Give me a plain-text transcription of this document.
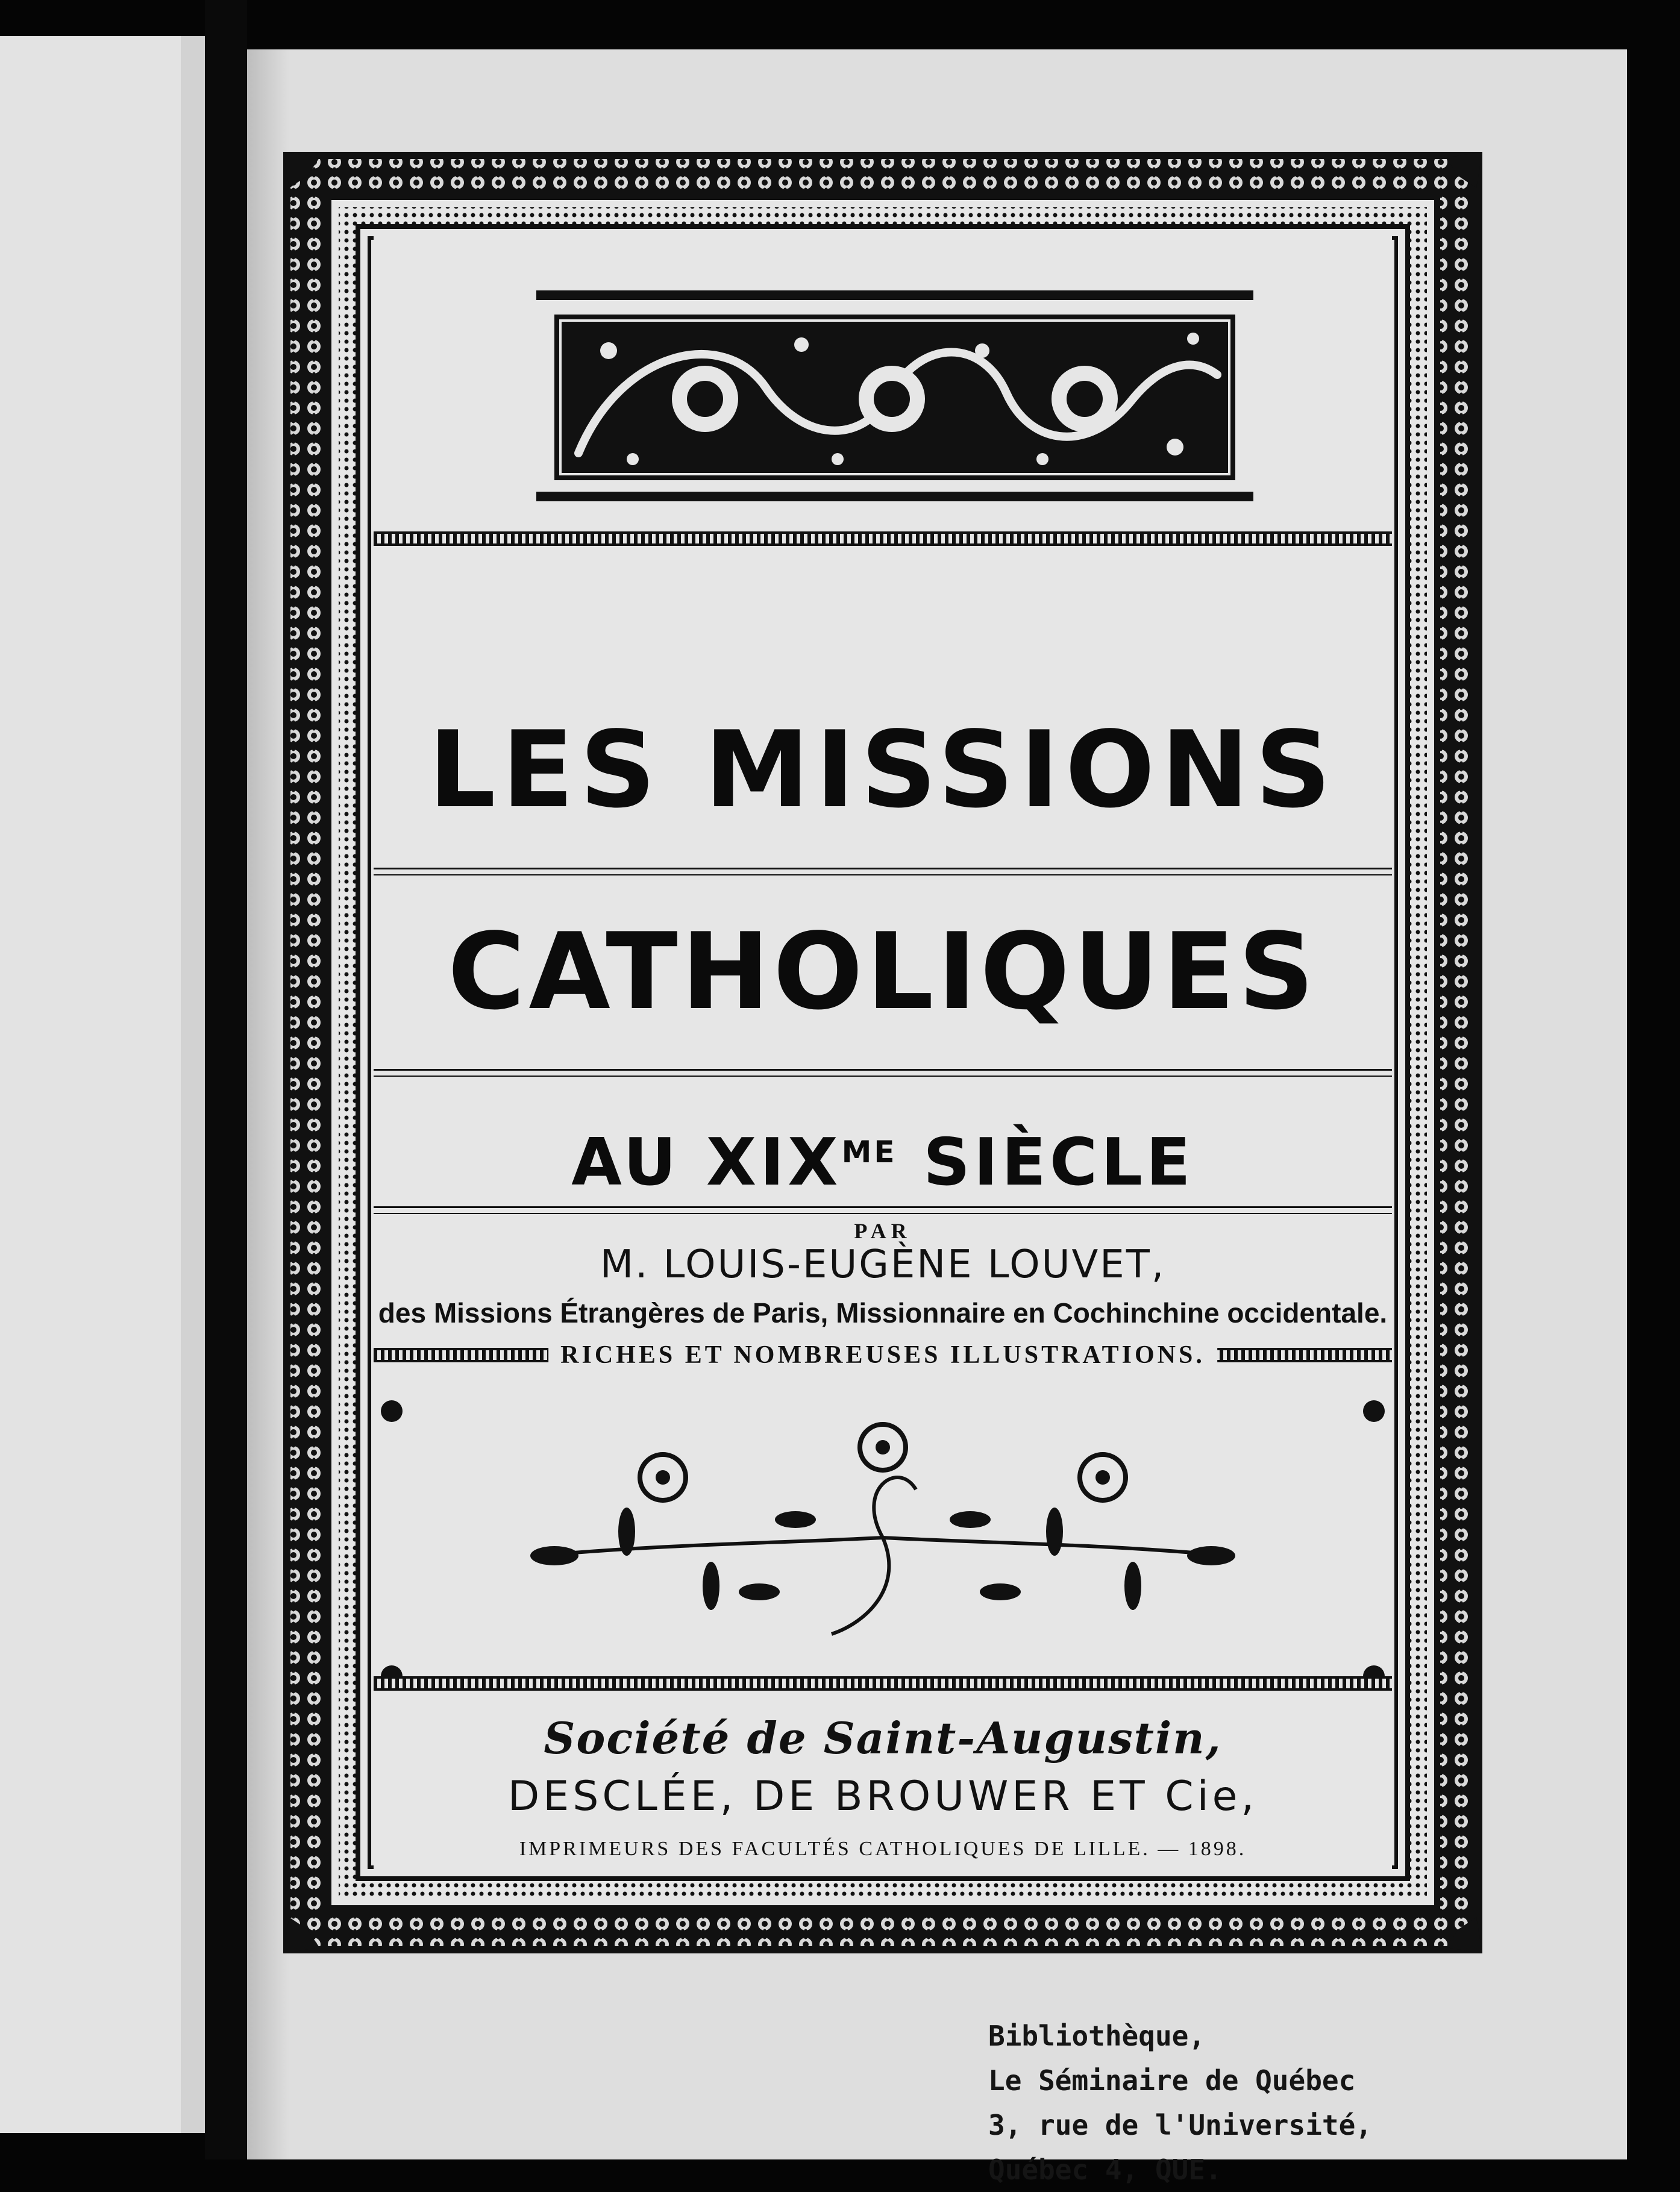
LES MISSIONS
CATHOLIQUES
AU $XIX^{ME}$ SIÈCLE
PAR
M. LOUIS-EUGÈNE LOUVET,
des Missions Étrangères de Paris, Missionnaire en Cochinchine occidentale.
RICHES ET NOMBREUSES ILLUSTRATIONS.
Société de Saint-Augustin,
DESCLÉE, DE BROUWER ET Cie,
IMPRIMEURS DES FACULTÉS CATHOLIQUES DE LILLE. — 1898.
Bibliothèque,
Le Séminaire de Québec
3, rue de l'Université,
Québec 4, QUE.
